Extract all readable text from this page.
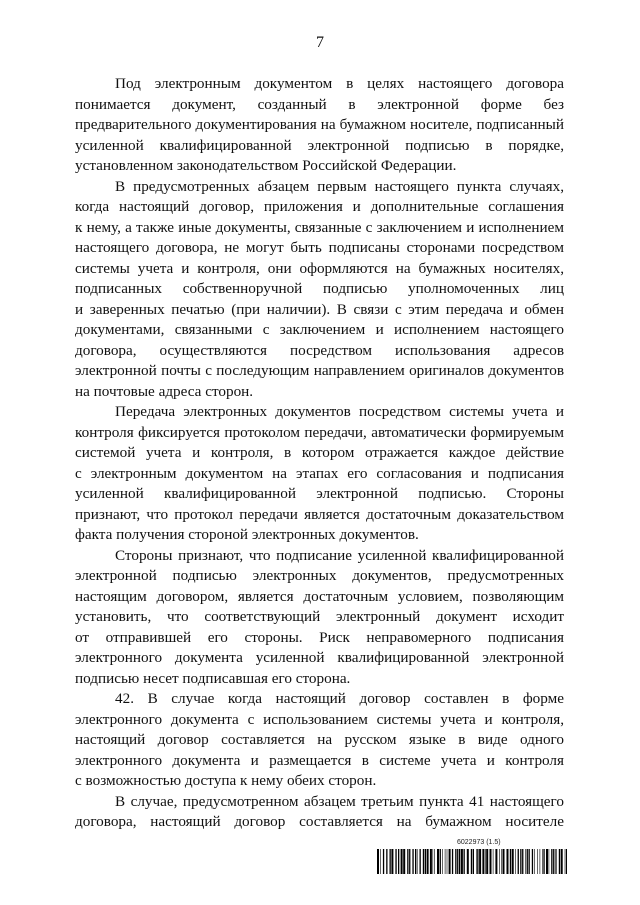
7
Под электронным документом в целях настоящего договора
понимается документ, созданный в электронной форме без
предварительного документирования на бумажном носителе, подписанный
усиленной квалифицированной электронной подписью в порядке,
установленном законодательством Российской Федерации.
В предусмотренных абзацем первым настоящего пункта случаях,
когда настоящий договор, приложения и дополнительные соглашения
к нему, а также иные документы, связанные с заключением и исполнением
настоящего договора, не могут быть подписаны сторонами посредством
системы учета и контроля, они оформляются на бумажных носителях,
подписанных собственноручной подписью уполномоченных лиц
и заверенных печатью (при наличии). В связи с этим передача и обмен
документами, связанными с заключением и исполнением настоящего
договора, осуществляются посредством использования адресов
электронной почты с последующим направлением оригиналов документов
на почтовые адреса сторон.
Передача электронных документов посредством системы учета и
контроля фиксируется протоколом передачи, автоматически формируемым
системой учета и контроля, в котором отражается каждое действие
с электронным документом на этапах его согласования и подписания
усиленной квалифицированной электронной подписью. Стороны
признают, что протокол передачи является достаточным доказательством
факта получения стороной электронных документов.
Стороны признают, что подписание усиленной квалифицированной
электронной подписью электронных документов, предусмотренных
настоящим договором, является достаточным условием, позволяющим
установить, что соответствующий электронный документ исходит
от отправившей его стороны. Риск неправомерного подписания
электронного документа усиленной квалифицированной электронной
подписью несет подписавшая его сторона.
42. В случае когда настоящий договор составлен в форме
электронного документа с использованием системы учета и контроля,
настоящий договор составляется на русском языке в виде одного
электронного документа и размещается в системе учета и контроля
с возможностью доступа к нему обеих сторон.
В случае, предусмотренном абзацем третьим пункта 41 настоящего
договора, настоящий договор составляется на бумажном носителе
6022973 (1.5)
